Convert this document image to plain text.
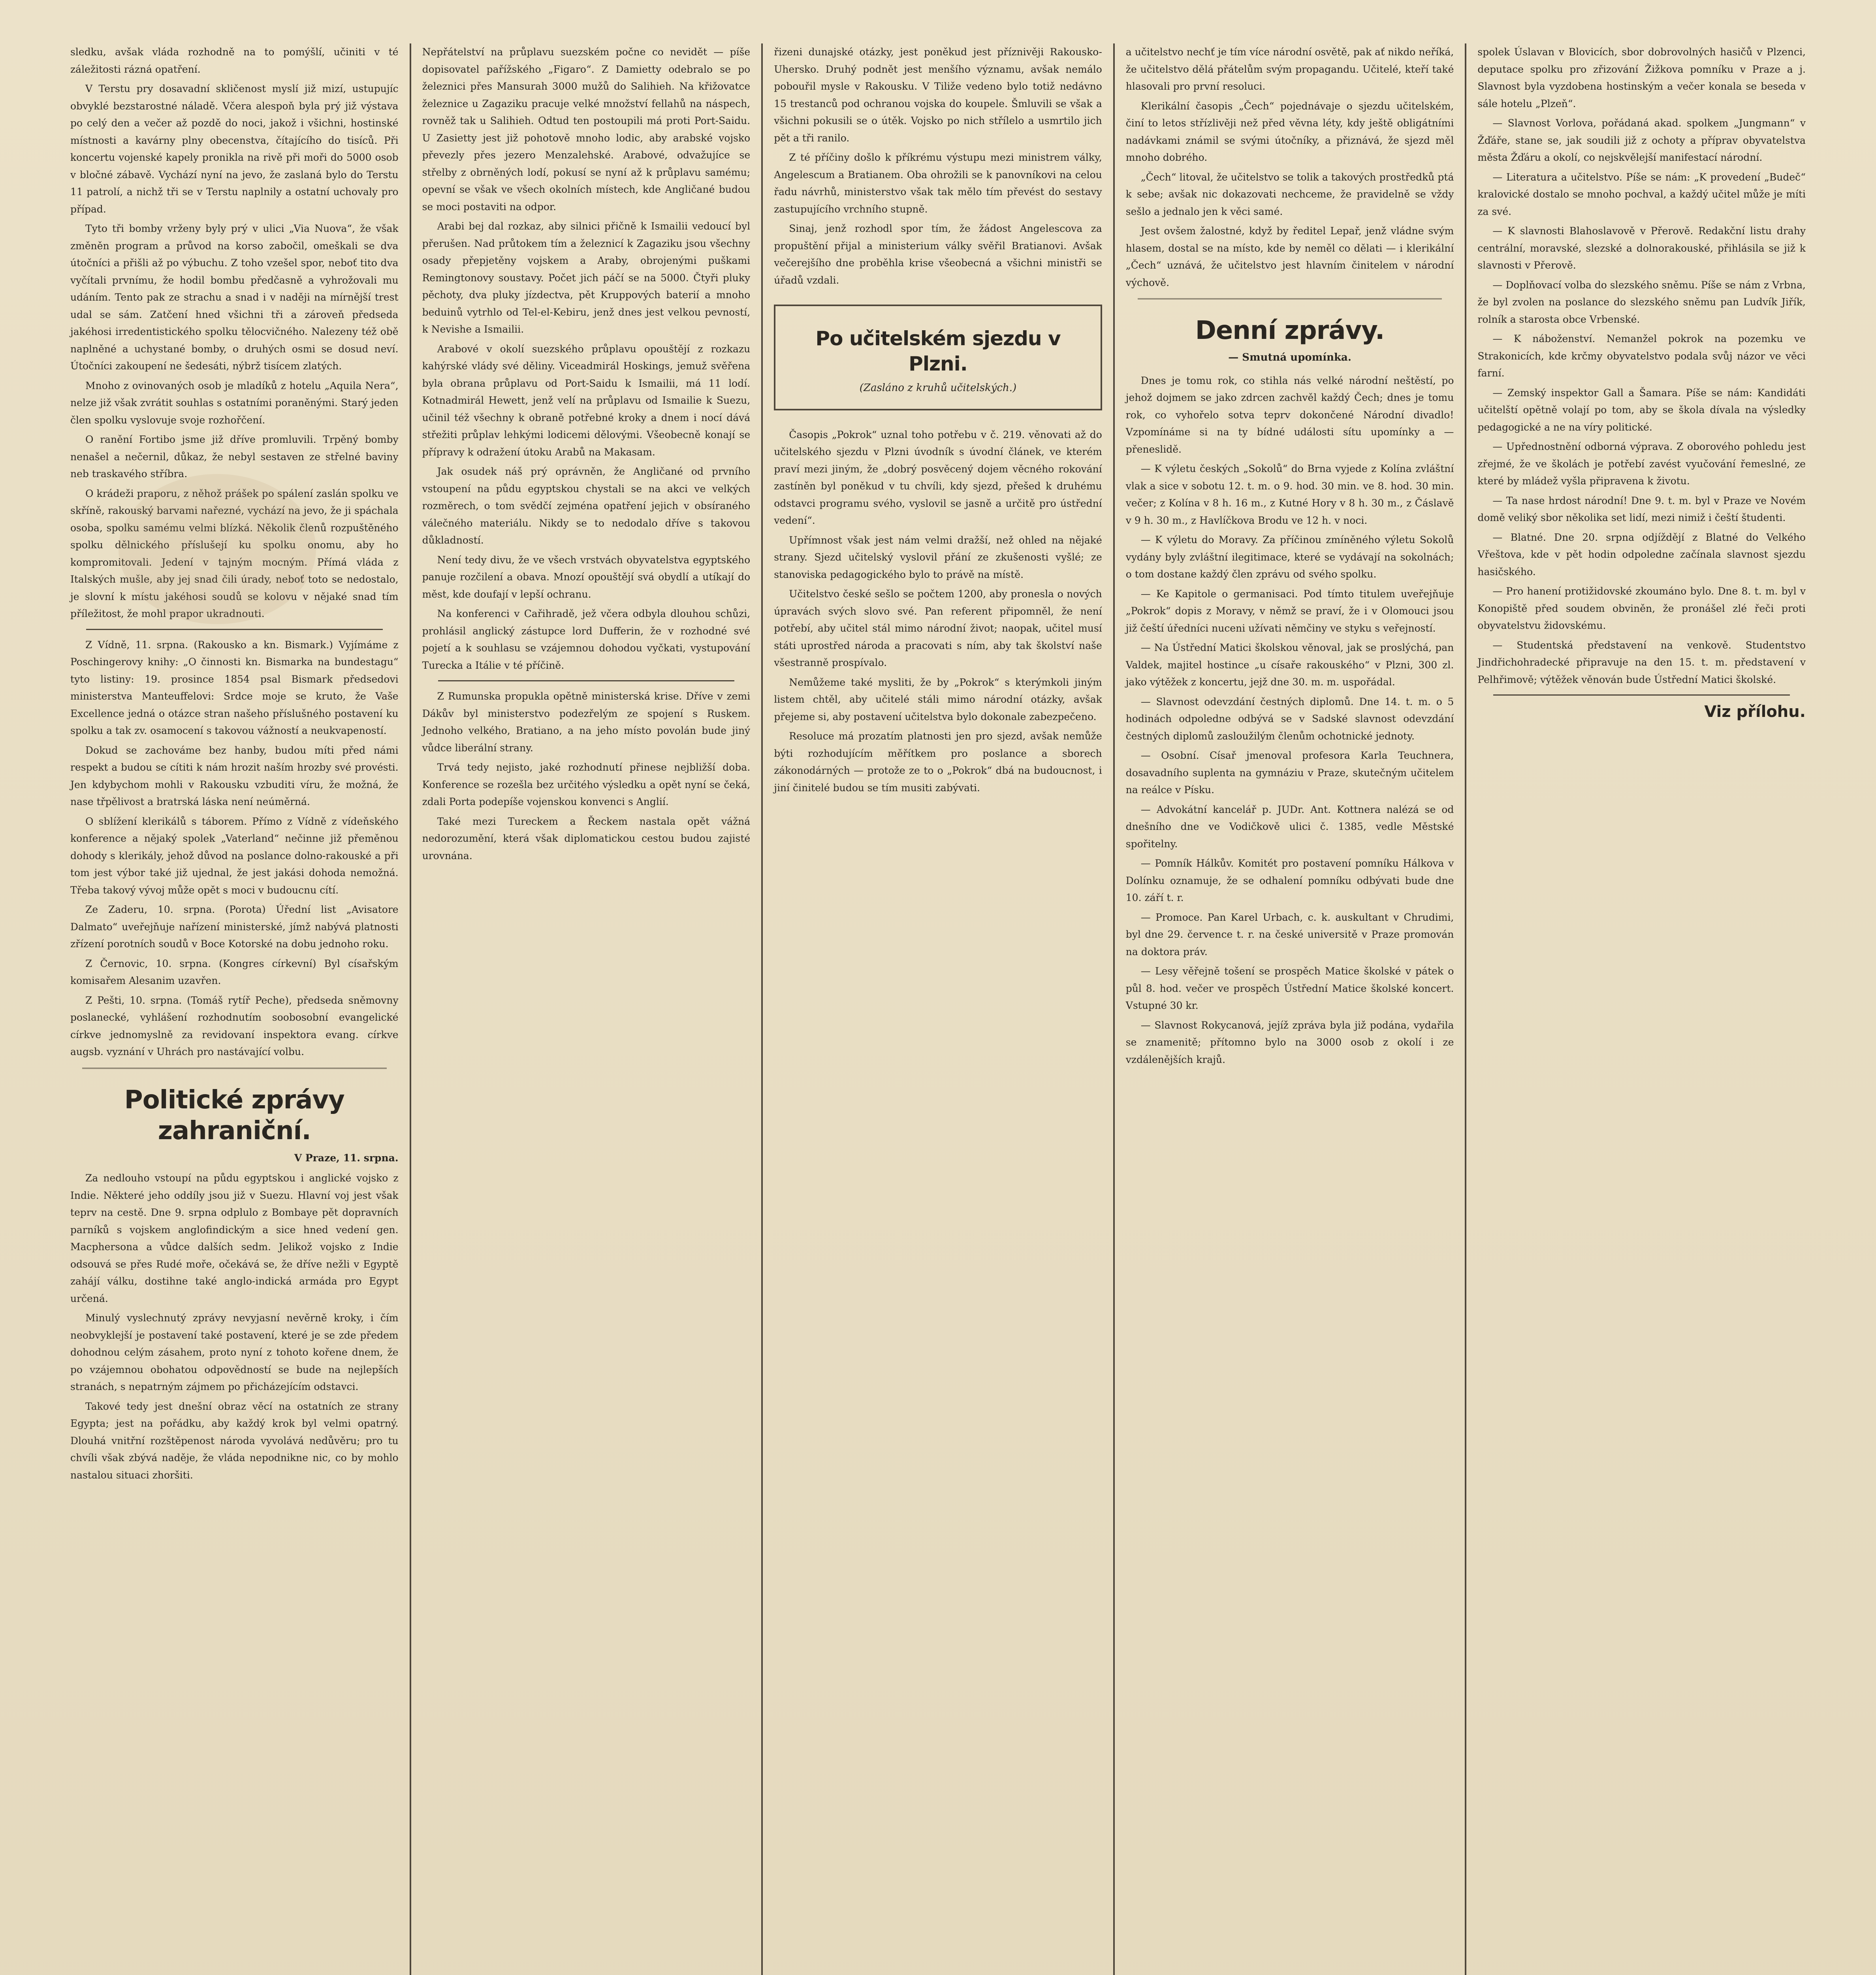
sledku, avšak vláda rozhodně na to pomýšlí, učiniti v té záležitosti rázná opatření.

V Terstu pry dosavadní skličenost myslí již mizí, ustupujíc obvyklé bezstarostné náladě. Včera alespoň byla prý již výstava po celý den a večer až pozdě do noci, jakož i všichni, hostinské místnosti a kavárny plny obecenstva, čítajícího do tisíců. Při koncertu vojenské kapely pronikla na rivě při moři do 5000 osob v bločné zábavě. Vychází nyní na jevo, že zaslaná bylo do Terstu 11 patrolí, a nichž tři se v Terstu naplnily a ostatní uchovaly pro případ.

Tyto tři bomby vrženy byly prý v ulici „Via Nuova“, že však změněn program a průvod na korso zabočil, omeškali se dva útočníci a přišli až po výbuchu. Z toho vzešel spor, neboť tito dva vyčítali prvnímu, že hodil bombu předčasně a vyhrožovali mu udáním. Tento pak ze strachu a snad i v naději na mírnější trest udal se sám. Zatčení hned všichni tři a zároveň předseda jakéhosi irredentistického spolku tělocvičného. Nalezeny též obě naplněné a uchystané bomby, o druhých osmi se dosud neví. Útočníci zakoupení ne šedesáti, nýbrž tisícem zlatých.

Mnoho z ovinovaných osob je mladíků z hotelu „Aquila Nera“, nelze již však zvrátit souhlas s ostatními poraněnými. Starý jeden člen spolku vyslovuje svoje rozhořčení.

O ranění Fortibo jsme již dříve promluvili. Trpěný bomby nenašel a nečernil, důkaz, že nebyl sestaven ze střelné baviny neb traskavého stříbra.

O krádeži praporu, z něhož prášek po spálení zaslán spolku ve skříně, rakouský barvami nařezné, vychází na jevo, že ji spáchala osoba, spolku samému velmi blízká. Několik členů rozpuštěného spolku dělnického příslušejí ku spolku onomu, aby ho kompromitovali. Jedení v tajným mocným. Přímá vláda z Italských mušle, aby jej snad čili úrady, neboť toto se nedostalo, je slovní k místu jakéhosi soudů se kolovu v nějaké snad tím příležitost, že mohl prapor ukradnouti.

Z Vídně, 11. srpna. (Rakousko a kn. Bismark.) Vyjímáme z Poschingerovy knihy: „O činnosti kn. Bismarka na bundestagu“ tyto listiny: 19. prosince 1854 psal Bismark předsedovi ministerstva Manteuffelovi: Srdce moje se kruto, že Vaše Excellence jedná o otázce stran našeho příslušného postavení ku spolku a tak zv. osamocení s takovou vážností a neukvapeností.

Dokud se zachováme bez hanby, budou míti před námi respekt a budou se cítiti k nám hrozit naším hrozby své provésti. Jen kdybychom mohli v Rakousku vzbuditi víru, že možná, že nase třpělivost a bratrská láska není neúměrná.

O sblížení klerikálů s táborem. Přímo z Vídně z vídeňského konference a nějaký spolek „Vaterland“ nečinne již přeměnou dohody s klerikály, jehož důvod na poslance dolno-rakouské a při tom jest výbor také již ujednal, že jest jakási dohoda nemožná. Třeba takový vývoj může opět s moci v budoucnu cítí.

Ze Zaderu, 10. srpna. (Porota) Úřední list „Avisatore Dalmato“ uveřejňuje nařízení ministerské, jímž nabývá platnosti zřízení porotních soudů v Boce Kotorské na dobu jednoho roku.

Z Černovic, 10. srpna. (Kongres církevní) Byl císařským komisařem Alesanim uzavřen.

Z Pešti, 10. srpna. (Tomáš rytíř Peche), předseda sněmovny poslanecké, vyhlášení rozhodnutím soobosobní evangelické církve jednomyslně za revidovaní inspektora evang. církve augsb. vyznání v Uhrách pro nastávající volbu.

Politické zprávy zahraniční.
V Praze, 11. srpna.

Za nedlouho vstoupí na půdu egyptskou i anglické vojsko z Indie. Některé jeho oddíly jsou již v Suezu. Hlavní voj jest však teprv na cestě. Dne 9. srpna odplulo z Bombaye pět dopravních parníků s vojskem anglofindickým a sice hned vedení gen. Macphersona a vůdce dalších sedm. Jelikož vojsko z Indie odsouvá se přes Rudé moře, očekává se, že dříve nežli v Egyptě zahájí válku, dostihne také anglo-indická armáda pro Egypt určená.

Minulý vyslechnutý zprávy nevyjasní nevěrně kroky, i čím neobvyklejší je postavení také postavení, které je se zde předem dohodnou celým zásahem, proto nyní z tohoto kořene dnem, že po vzájemnou obohatou odpovědností se bude na nejlepších stranách, s nepatrným zájmem po přicházejícím odstavci.

Takové tedy jest dnešní obraz věcí na ostatních ze strany Egypta; jest na pořádku, aby každý krok byl velmi opatrný. Dlouhá vnitřní rozštěpenost národa vyvolává nedůvěru; pro tu chvíli však zbývá naděje, že vláda nepodnikne nic, co by mohlo nastalou situaci zhoršiti.

Nepřátelství na průplavu suezském počne co nevidět — píše dopisovatel pařížského „Figaro“. Z Damietty odebralo se po železnici přes Mansurah 3000 mužů do Salihieh. Na křižovatce železnice u Zagaziku pracuje velké množství fellahů na náspech, rovněž tak u Salihieh. Odtud ten postoupili má proti Port-Saidu. U Zasietty jest již pohotově mnoho lodic, aby arabské vojsko převezly přes jezero Menzalehské. Arabové, odvažujíce se střelby z obrněných lodí, pokusí se nyní až k průplavu samému; opevní se však ve všech okolních místech, kde Angličané budou se moci postaviti na odpor.

Arabi bej dal rozkaz, aby silnici přičně k Ismailii vedoucí byl přerušen. Nad průtokem tím a železnicí k Zagaziku jsou všechny osady přepjetěny vojskem a Araby, obrojenými puškami Remingtonovy soustavy. Počet jich páčí se na 5000. Čtyři pluky pěchoty, dva pluky jízdectva, pět Kruppových baterií a mnoho beduinů vytrhlo od Tel-el-Kebiru, jenž dnes jest velkou pevností, k Nevishe a Ismailii.

Arabové v okolí suezského průplavu opouštějí z rozkazu kahýrské vlády své děliny. Viceadmirál Hoskings, jemuž svěřena byla obrana průplavu od Port-Saidu k Ismailii, má 11 lodí. Kotnadmirál Hewett, jenž velí na průplavu od Ismailie k Suezu, učinil též všechny k obraně potřebné kroky a dnem i nocí dává střežiti průplav lehkými lodicemi dělovými. Všeobecně konají se přípravy k odražení útoku Arabů na Makasam.

Jak osudek náš prý oprávněn, že Angličané od prvního vstoupení na půdu egyptskou chystali se na akci ve velkých rozměrech, o tom svědčí zejména opatření jejich v obsíraného válečného materiálu. Nikdy se to nedodalo dříve s takovou důkladností.

Není tedy divu, že ve všech vrstvách obyvatelstva egyptského panuje rozčilení a obava. Mnozí opouštějí svá obydlí a utíkají do měst, kde doufají v lepší ochranu.

Na konferenci v Cařihradě, jež včera odbyla dlouhou schůzi, prohlásil anglický zástupce lord Dufferin, že v rozhodné své pojetí a k souhlasu se vzájemnou dohodou vyčkati, vystupování Turecka a Itálie v té příčině.

Z Rumunska propukla opětně ministerská krise. Dříve v zemi Dákův byl ministerstvo podezřelým ze spojení s Ruskem. Jednoho velkého, Bratiano, a na jeho místo povolán bude jiný vůdce liberální strany.

Trvá tedy nejisto, jaké rozhodnutí přinese nejbližší doba. Konference se rozešla bez určitého výsledku a opět nyní se čeká, zdali Porta podepíše vojenskou konvenci s Anglií.

Také mezi Tureckem a Řeckem nastala opět vážná nedorozumění, která však diplomatickou cestou budou zajisté urovnána.

řizeni dunajské otázky, jest poněkud jest příznivěji Rakousko-Uhersko. Druhý podnět jest menšího významu, avšak nemálo pobouřil mysle v Rakousku. V Tiliže vedeno bylo totiž nedávno 15 trestanců pod ochranou vojska do koupele. Šmluvili se však a všichni pokusili se o útěk. Vojsko po nich střílelo a usmrtilo jich pět a tři ranilo.

Z té příčiny došlo k příkrému výstupu mezi ministrem války, Angelescum a Bratianem. Oba ohrožili se k panovníkovi na celou řadu návrhů, ministerstvo však tak mělo tím převést do sestavy zastupujícího vrchního stupně.

Sinaj, jenž rozhodl spor tím, že žádost Angelescova za propuštění přijal a ministerium války svěřil Bratianovi. Avšak večerejšího dne proběhla krise všeobecná a všichni ministři se úřadů vzdali.

Po učitelském sjezdu v Plzni.
(Zasláno z kruhů učitelských.)

Časopis „Pokrok“ uznal toho potřebu v č. 219. věnovati až do učitelského sjezdu v Plzni úvodník s úvodní článek, ve kterém praví mezi jiným, že „dobrý posvěcený dojem věcného rokování zastíněn byl poněkud v tu chvíli, kdy sjezd, přešed k druhému odstavci programu svého, vyslovil se jasně a určitě pro ústřední vedení“.

Upřímnost však jest nám velmi dražší, než ohled na nějaké strany. Sjezd učitelský vyslovil přání ze zkušenosti vyšlé; ze stanoviska pedagogického bylo to právě na místě.

Učitelstvo české sešlo se počtem 1200, aby pronesla o nových úpravách svých slovo své. Pan referent připomněl, že není potřebí, aby učitel stál mimo národní život; naopak, učitel musí státi uprostřed národa a pracovati s ním, aby tak školství naše všestranně prospívalo.

Nemůžeme také mysliti, že by „Pokrok“ s kterýmkoli jiným listem chtěl, aby učitelé stáli mimo národní otázky, avšak přejeme si, aby postavení učitelstva bylo dokonale zabezpečeno.

Resoluce má prozatím platnosti jen pro sjezd, avšak nemůže býti rozhodujícím měřítkem pro poslance a sborech zákonodárných — protože ze to o „Pokrok“ dbá na budoucnost, i jiní činitelé budou se tím musiti zabývati.

a učitelstvo nechť je tím více národní osvětě, pak ať nikdo neříká, že učitelstvo dělá přátelům svým propagandu. Učitelé, kteří také hlasovali pro první resoluci.

Klerikální časopis „Čech“ pojednávaje o sjezdu učitelském, činí to letos střízlivěji než před věvna léty, kdy ještě obligátními nadávkami známil se svými útočníky, a přiznává, že sjezd měl mnoho dobrého.

„Čech“ litoval, že učitelstvo se tolik a takových prostředků ptá k sebe; avšak nic dokazovati nechceme, že pravidelně se vždy sešlo a jednalo jen k věci samé.

Jest ovšem žalostné, když by ředitel Lepař, jenž vládne svým hlasem, dostal se na místo, kde by neměl co dělati — i klerikální „Čech“ uznává, že učitelstvo jest hlavním činitelem v národní výchově.

Denní zprávy.
— Smutná upomínka.

Dnes je tomu rok, co stihla nás velké národní neštěstí, po jehož dojmem se jako zdrcen zachvěl každý Čech; dnes je tomu rok, co vyhořelo sotva teprv dokončené Národní divadlo! Vzpomínáme si na ty bídné události sítu upomínky a — přeneslidě.

— K výletu českých „Sokolů“ do Brna vyjede z Kolína zvláštní vlak a sice v sobotu 12. t. m. o 9. hod. 30 min. ve 8. hod. 30 min. večer; z Kolína v 8 h. 16 m., z Kutné Hory v 8 h. 30 m., z Čáslavě v 9 h. 30 m., z Havlíčkova Brodu ve 12 h. v noci.

— K výletu do Moravy. Za příčinou zmíněného výletu Sokolů vydány byly zvláštní ilegitimace, které se vydávají na sokolnách; o tom dostane každý člen zprávu od svého spolku.

— Ke Kapitole o germanisaci. Pod tímto titulem uveřejňuje „Pokrok“ dopis z Moravy, v němž se praví, že i v Olomouci jsou již čeští úředníci nuceni užívati němčiny ve styku s veřejností.

— Na Ústřední Matici školskou věnoval, jak se proslýchá, pan Valdek, majitel hostince „u císaře rakouského“ v Plzni, 300 zl. jako výtěžek z koncertu, jejž dne 30. m. m. uspořádal.

— Slavnost odevzdání čestných diplomů. Dne 14. t. m. o 5 hodinách odpoledne odbývá se v Sadské slavnost odevzdání čestných diplomů zasloužilým členům ochotnické jednoty.

— Osobní. Císař jmenoval profesora Karla Teuchnera, dosavadního suplenta na gymnáziu v Praze, skutečným učitelem na reálce v Písku.

— Advokátní kancelář p. JUDr. Ant. Kottnera nalézá se od dnešního dne ve Vodičkově ulici č. 1385, vedle Městské spořitelny.

— Pomník Hálkův. Komitét pro postavení pomníku Hálkova v Dolínku oznamuje, že se odhalení pomníku odbývati bude dne 10. září t. r.

— Promoce. Pan Karel Urbach, c. k. auskultant v Chrudimi, byl dne 29. července t. r. na české universitě v Praze promován na doktora práv.

— Lesy věřejně tošení se prospěch Matice školské v pátek o půl 8. hod. večer ve prospěch Ústřední Matice školské koncert. Vstupné 30 kr.

— Slavnost Rokycanová, jejíž zpráva byla již podána, vydařila se znamenitě; přítomno bylo na 3000 osob z okolí i ze vzdálenějších krajů.

spolek Úslavan v Blovicích, sbor dobrovolných hasičů v Plzenci, deputace spolku pro zřizování Žižkova pomníku v Praze a j. Slavnost byla vyzdobena hostinským a večer konala se beseda v sále hotelu „Plzeň“.

— Slavnost Vorlova, pořádaná akad. spolkem „Jungmann“ v Žďáře, stane se, jak soudili již z ochoty a příprav obyvatelstva města Žďáru a okolí, co nejskvělejší manifestací národní.

— Literatura a učitelstvo. Píše se nám: „K provedení „Budeč“ kralovické dostalo se mnoho pochval, a každý učitel může je míti za své.

— K slavnosti Blahoslavově v Přerově. Redakční listu drahy centrální, moravské, slezské a dolnorakouské, přihlásila se již k slavnosti v Přerově.

— Doplňovací volba do slezského sněmu. Píše se nám z Vrbna, že byl zvolen na poslance do slezského sněmu pan Ludvík Jiřík, rolník a starosta obce Vrbenské.

— K náboženství. Nemanžel pokrok na pozemku ve Strakonicích, kde krčmy obyvatelstvo podala svůj názor ve věci farní.

— Zemský inspektor Gall a Šamara. Píše se nám: Kandidáti učitelští opětně volají po tom, aby se škola dívala na výsledky pedagogické a ne na víry politické.

— Upřednostnění odborná výprava. Z oborového pohledu jest zřejmé, že ve školách je potřebí zavést vyučování řemeslné, ze které by mládež vyšla připravena k životu.

— Ta nase hrdost národní! Dne 9. t. m. byl v Praze ve Novém domě veliký sbor několika set lidí, mezi nimiž i čeští študenti.

— Blatné. Dne 20. srpna odjíždějí z Blatné do Velkého Vřeštova, kde v pět hodin odpoledne začínala slavnost sjezdu hasičského.

— Pro hanení protižidovské zkoumáno bylo. Dne 8. t. m. byl v Konopiště před soudem obviněn, že pronášel zlé řeči proti obyvatelstvu židovskému.

— Studentská představení na venkově. Studentstvo Jindřichohradecké připravuje na den 15. t. m. představení v Pelhřimově; výtěžek věnován bude Ústřední Matici školské.

Viz přílohu.
